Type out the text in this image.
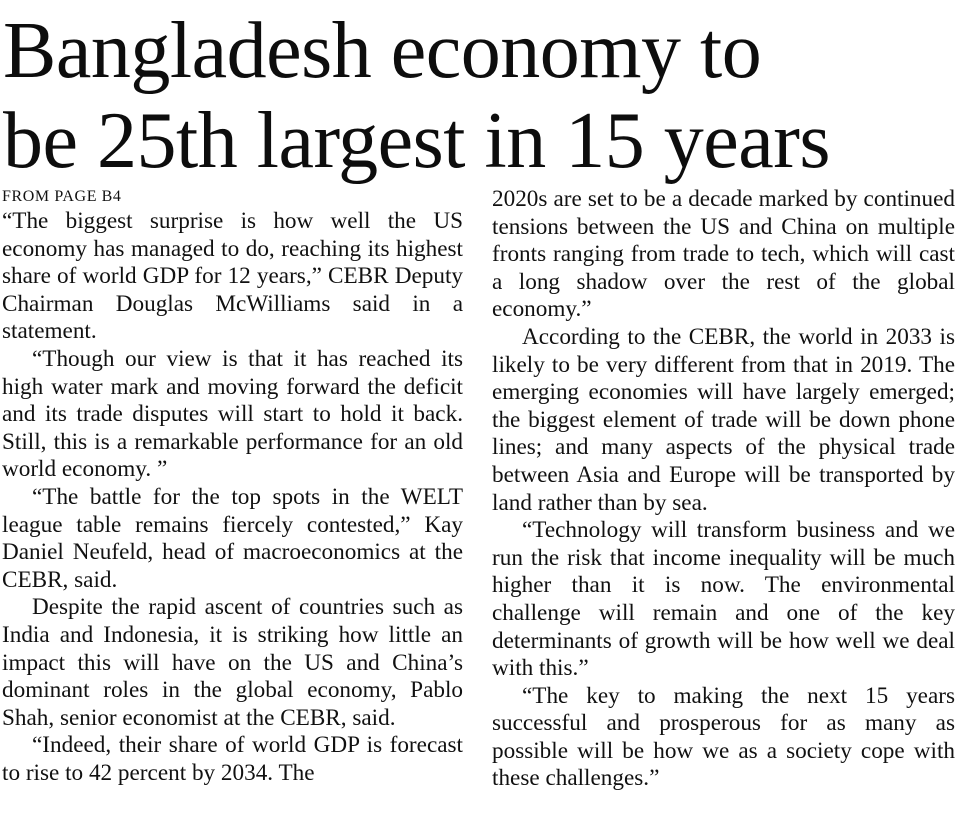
Bangladesh economy to
be 25th largest in 15 years

FROM PAGE B4

“The biggest surprise is how well the US economy has managed to do, reaching its highest share of world GDP for 12 years,” CEBR Deputy Chairman Douglas McWilliams said in a statement.

“Though our view is that it has reached its high water mark and moving forward the deficit and its trade disputes will start to hold it back. Still, this is a remarkable performance for an old world economy. ”

“The battle for the top spots in the WELT league table remains fiercely contested,” Kay Daniel Neufeld, head of macroeconomics at the CEBR, said.

Despite the rapid ascent of countries such as India and Indonesia, it is striking how little an impact this will have on the US and China’s dominant roles in the global economy, Pablo Shah, senior economist at the CEBR, said.

“Indeed, their share of world GDP is forecast to rise to 42 percent by 2034. The

2020s are set to be a decade marked by continued tensions between the US and China on multiple fronts ranging from trade to tech, which will cast a long shadow over the rest of the global economy.”

According to the CEBR, the world in 2033 is likely to be very different from that in 2019. The emerging economies will have largely emerged; the biggest element of trade will be down phone lines; and many aspects of the physical trade between Asia and Europe will be transported by land rather than by sea.

“Technology will transform business and we run the risk that income inequality will be much higher than it is now. The environmental challenge will remain and one of the key determinants of growth will be how well we deal with this.”

“The key to making the next 15 years successful and prosperous for as many as possible will be how we as a society cope with these challenges.”
